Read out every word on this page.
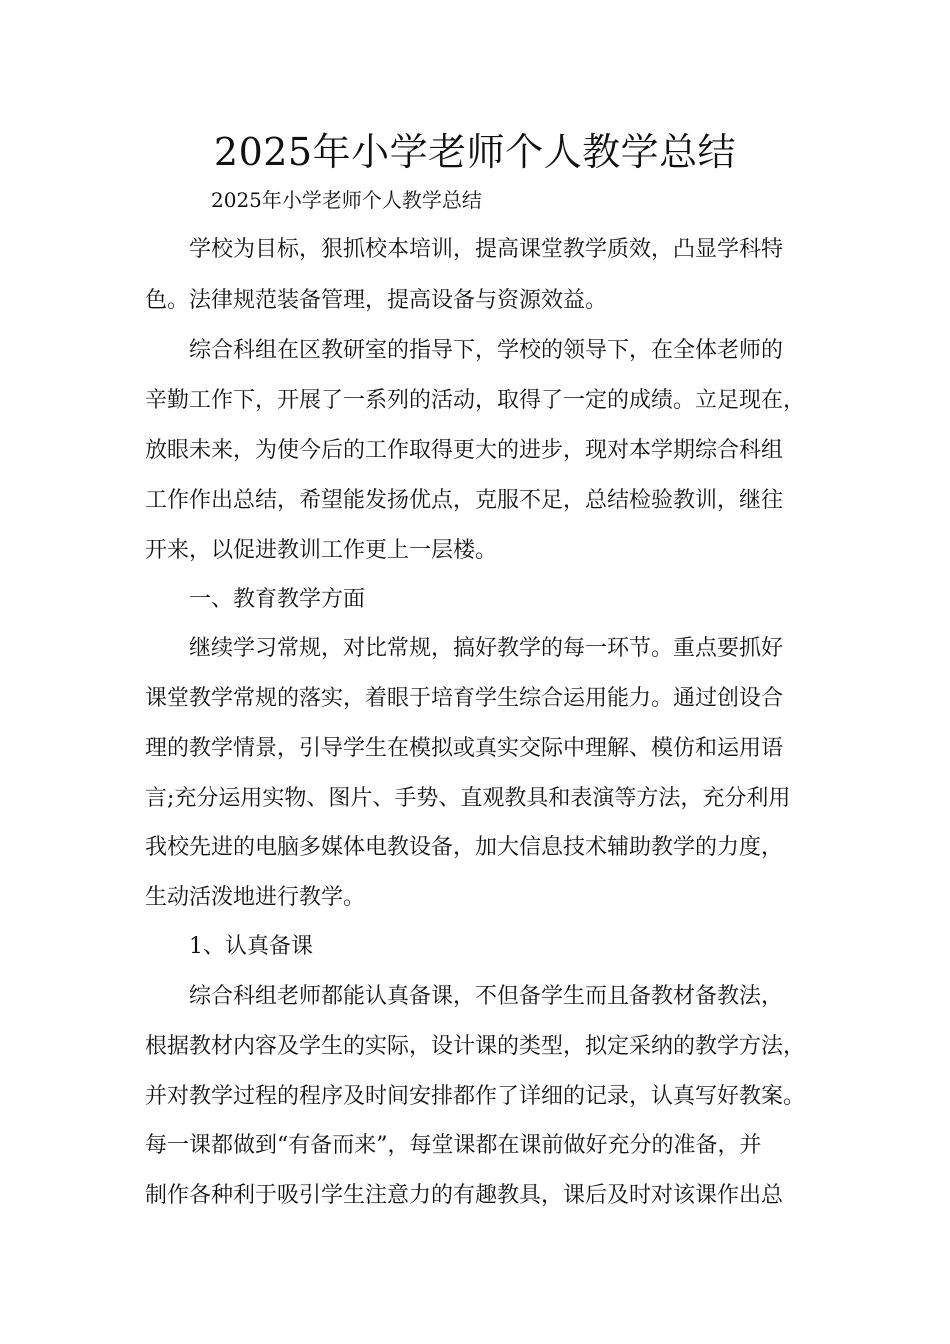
2025年小学老师个人教学总结

2025年小学老师个人教学总结

学校为目标，狠抓校本培训，提高课堂教学质效，凸显学科特

色。法律规范装备管理，提高设备与资源效益。

综合科组在区教研室的指导下，学校的领导下，在全体老师的

辛勤工作下，开展了一系列的活动，取得了一定的成绩。立足现在，

放眼未来，为使今后的工作取得更大的进步，现对本学期综合科组

工作作出总结，希望能发扬优点，克服不足，总结检验教训，继往

开来，以促进教训工作更上一层楼。

一、教育教学方面

继续学习常规，对比常规，搞好教学的每一环节。重点要抓好

课堂教学常规的落实，着眼于培育学生综合运用能力。通过创设合

理的教学情景，引导学生在模拟或真实交际中理解、模仿和运用语

言;充分运用实物、图片、手势、直观教具和表演等方法，充分利用

我校先进的电脑多媒体电教设备，加大信息技术辅助教学的力度，

生动活泼地进行教学。

1、认真备课

综合科组老师都能认真备课，不但备学生而且备教材备教法，

根据教材内容及学生的实际，设计课的类型，拟定采纳的教学方法，

并对教学过程的程序及时间安排都作了详细的记录，认真写好教案。

每一课都做到“有备而来”，每堂课都在课前做好充分的准备，并

制作各种利于吸引学生注意力的有趣教具，课后及时对该课作出总
